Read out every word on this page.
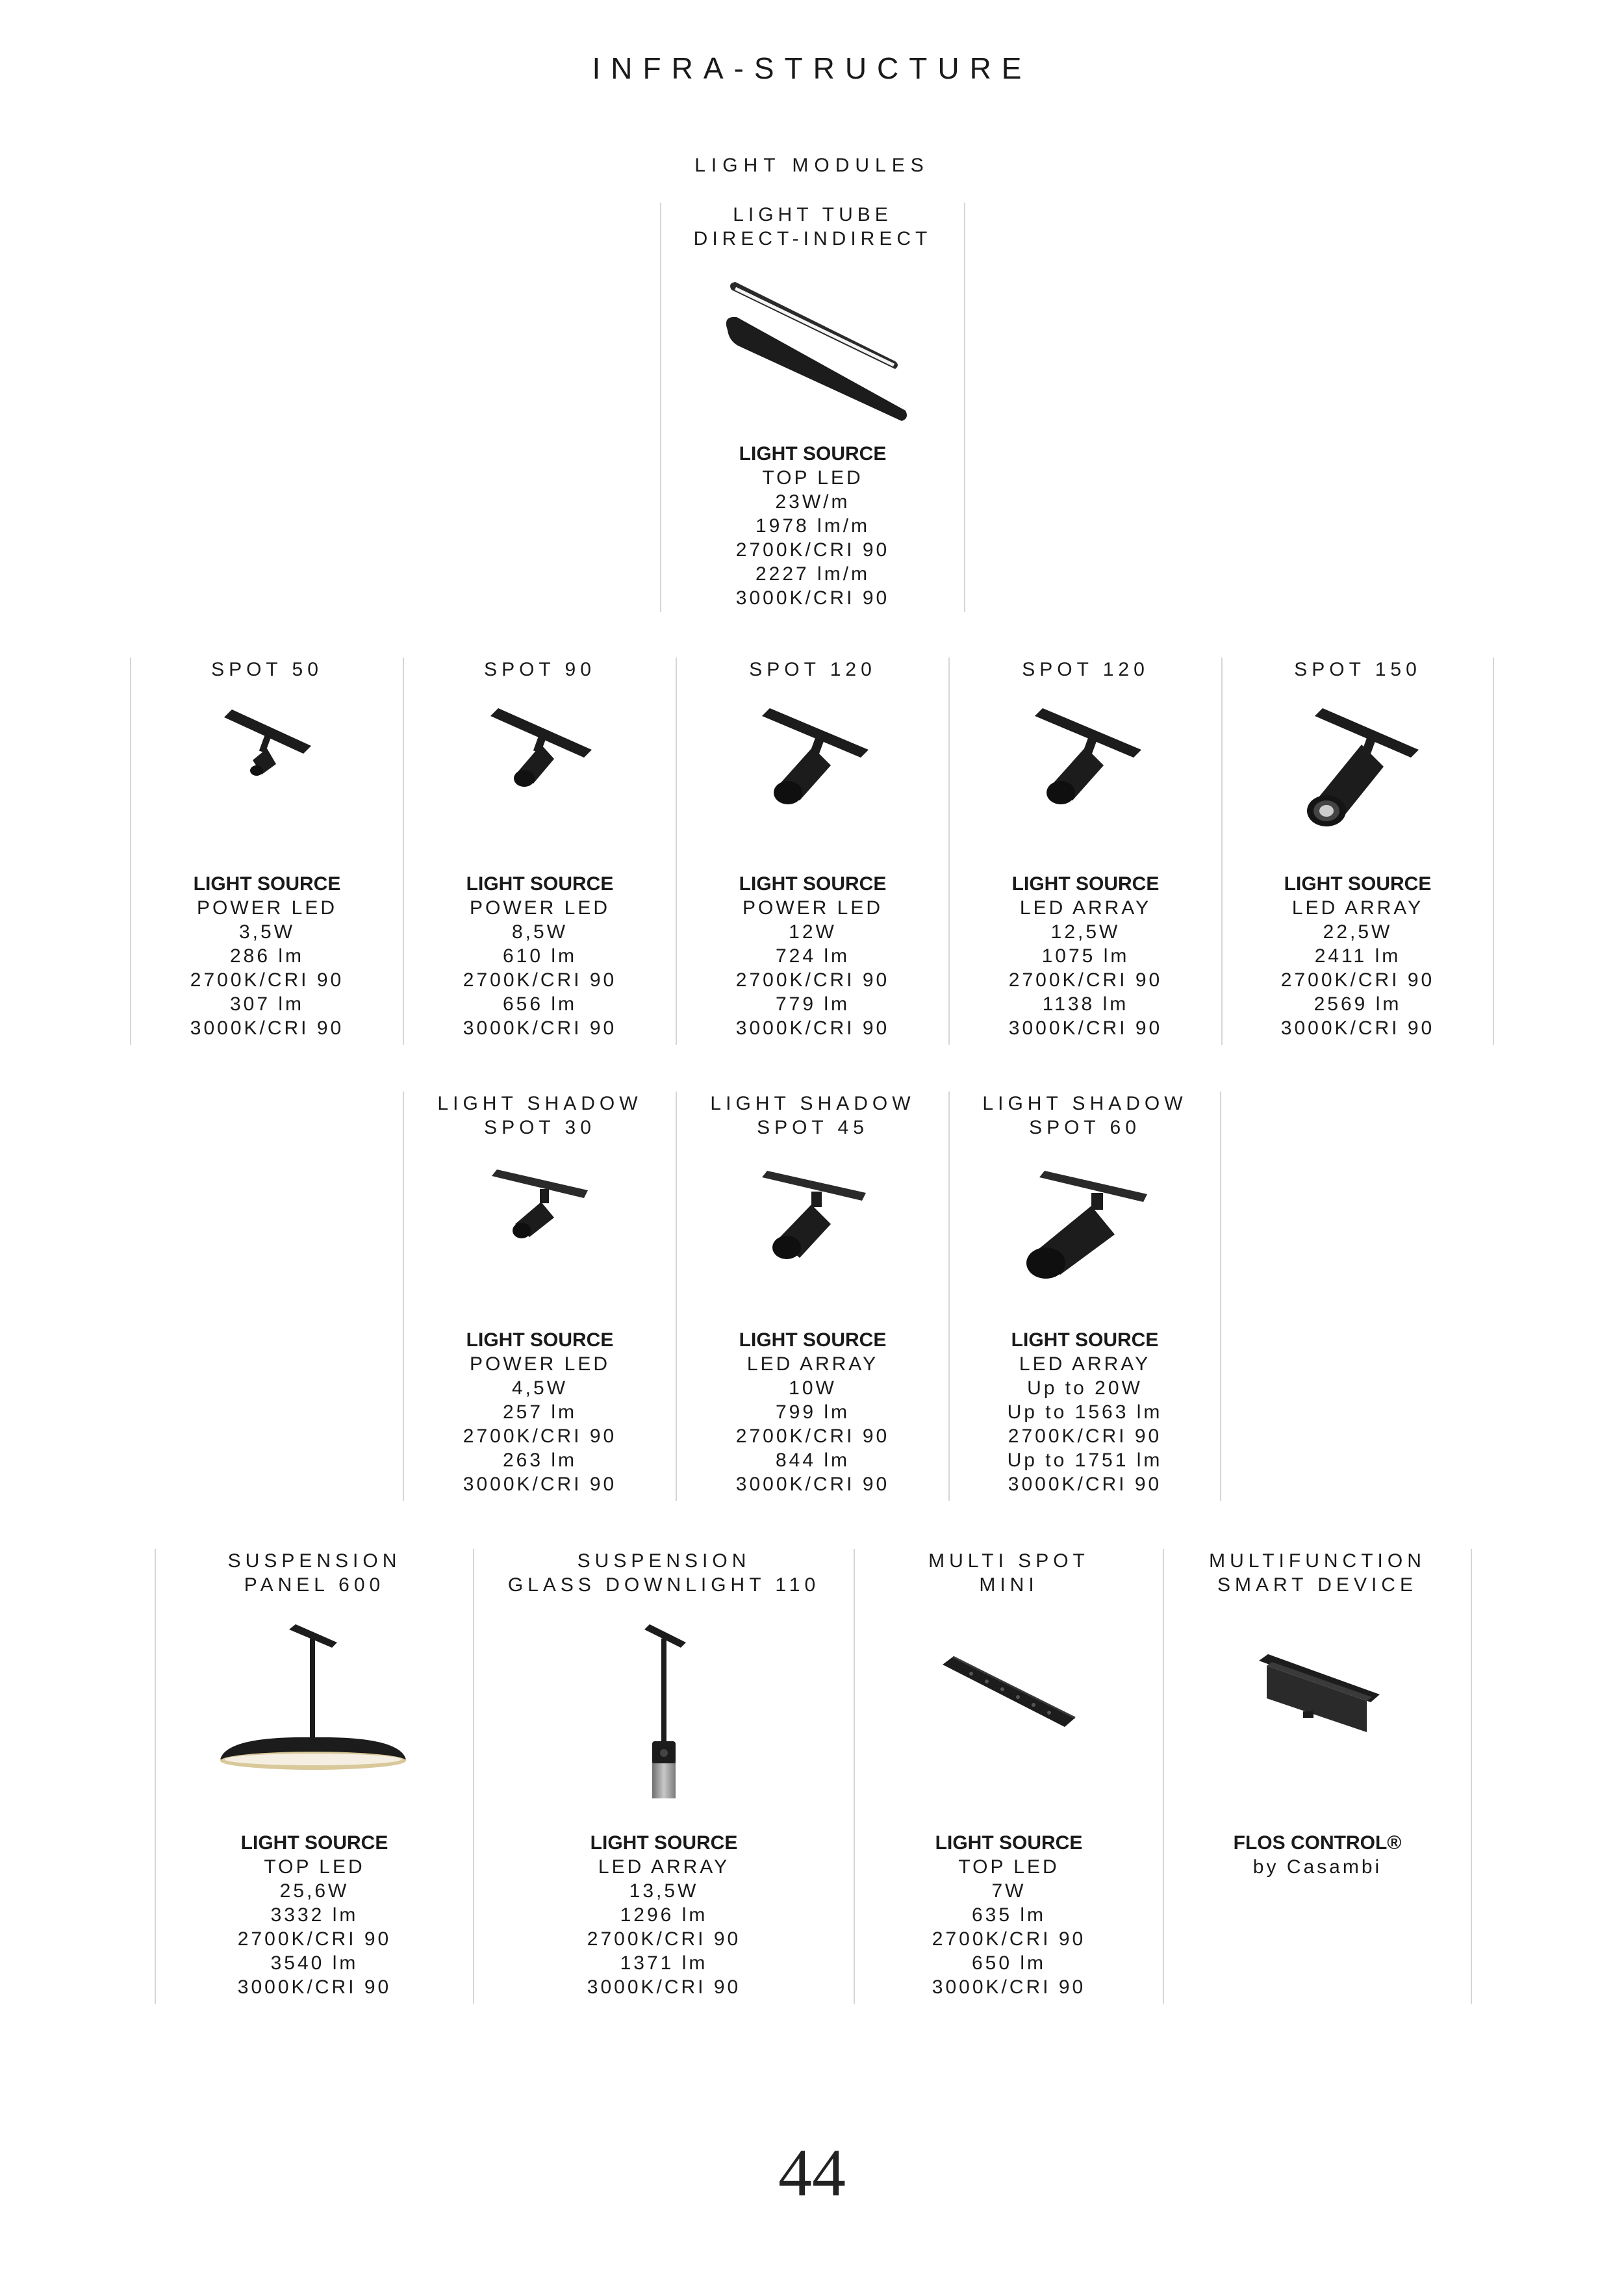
INFRA-STRUCTURE
LIGHT MODULES
LIGHT TUBE
DIRECT-INDIRECT
LIGHT SOURCE
TOP LED
23W/m
1978 lm/m
2700K/CRI 90
2227 lm/m
3000K/CRI 90
SPOT 50
LIGHT SOURCE
POWER LED
3,5W
286 lm
2700K/CRI 90
307 lm
3000K/CRI 90
SPOT 90
LIGHT SOURCE
POWER LED
8,5W
610 lm
2700K/CRI 90
656 lm
3000K/CRI 90
SPOT 120
LIGHT SOURCE
POWER LED
12W
724 lm
2700K/CRI 90
779 lm
3000K/CRI 90
SPOT 120
LIGHT SOURCE
LED ARRAY
12,5W
1075 lm
2700K/CRI 90
1138 lm
3000K/CRI 90
SPOT 150
LIGHT SOURCE
LED ARRAY
22,5W
2411 lm
2700K/CRI 90
2569 lm
3000K/CRI 90
LIGHT SHADOW
SPOT 30
LIGHT SOURCE
POWER LED
4,5W
257 lm
2700K/CRI 90
263 lm
3000K/CRI 90
LIGHT SHADOW
SPOT 45
LIGHT SOURCE
LED ARRAY
10W
799 lm
2700K/CRI 90
844 lm
3000K/CRI 90
LIGHT SHADOW
SPOT 60
LIGHT SOURCE
LED ARRAY
Up to 20W
Up to 1563 lm
2700K/CRI 90
Up to 1751 lm
3000K/CRI 90
SUSPENSION
PANEL 600
LIGHT SOURCE
TOP LED
25,6W
3332 lm
2700K/CRI 90
3540 lm
3000K/CRI 90
SUSPENSION
GLASS DOWNLIGHT 110
LIGHT SOURCE
LED ARRAY
13,5W
1296 lm
2700K/CRI 90
1371 lm
3000K/CRI 90
MULTI SPOT
MINI
LIGHT SOURCE
TOP LED
7W
635 lm
2700K/CRI 90
650 lm
3000K/CRI 90
MULTIFUNCTION
SMART DEVICE
FLOS CONTROL®
by Casambi
44
